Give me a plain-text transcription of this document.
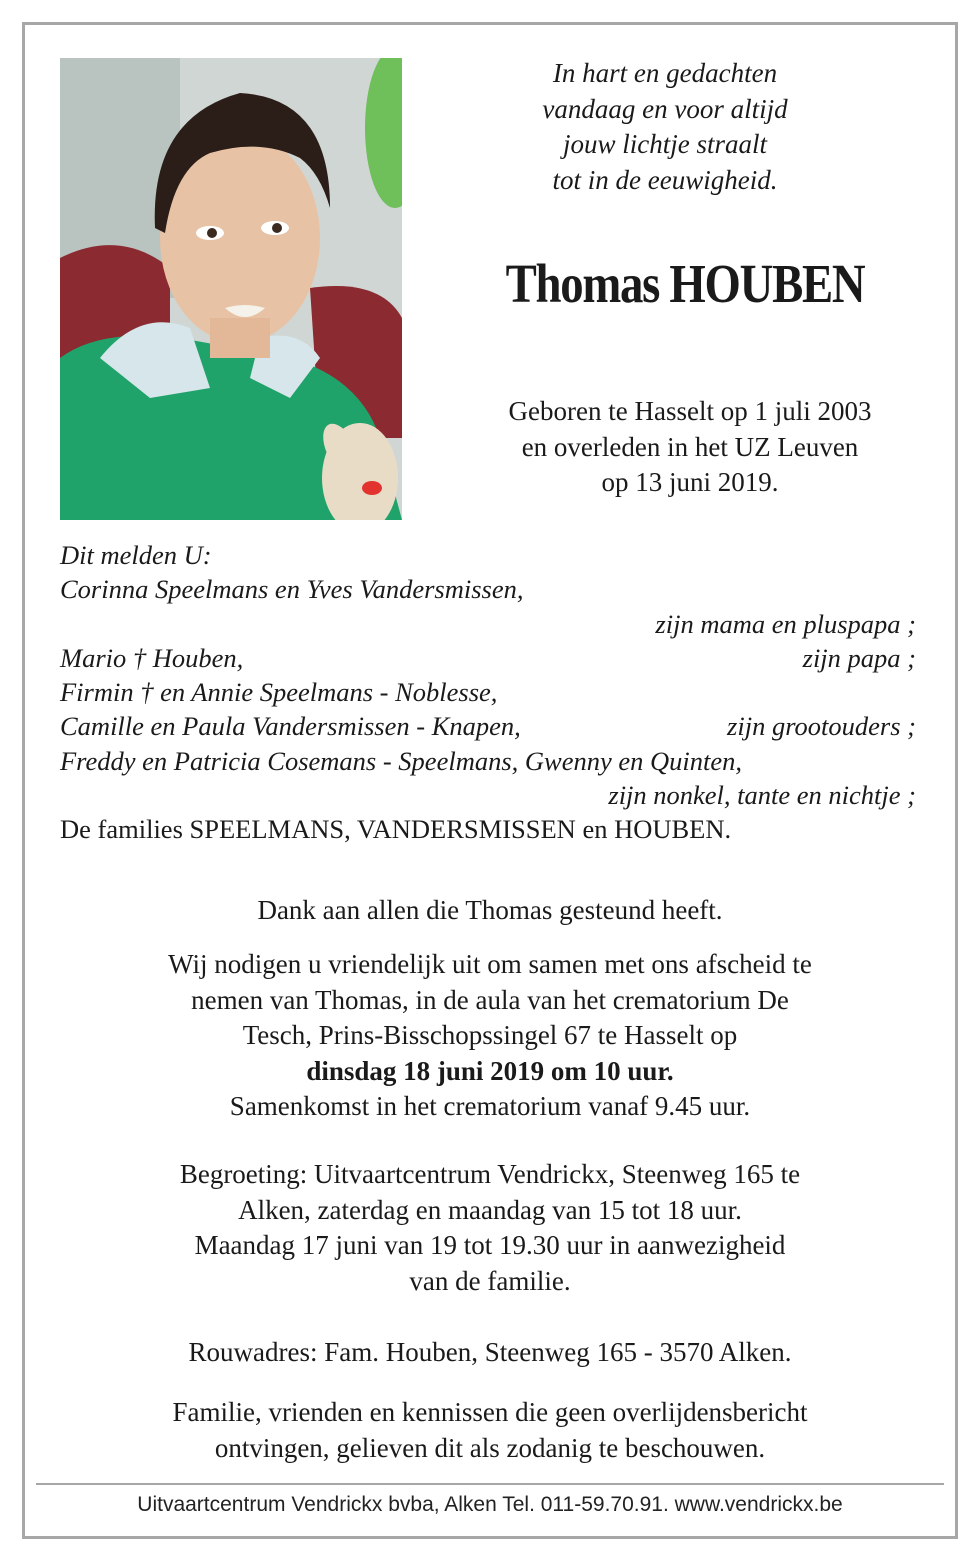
In hart en gedachten
vandaag en voor altijd
jouw lichtje straalt
tot in de eeuwigheid.
Thomas HOUBEN
Geboren te Hasselt op 1 juli 2003
en overleden in het UZ Leuven
op 13 juni 2019.
Dit melden U:
Corinna Speelmans en Yves Vandersmissen,
zijn mama en pluspapa ;
Mario † Houben,	zijn papa ;
Firmin † en Annie Speelmans - Noblesse,
Camille en Paula Vandersmissen - Knapen,	zijn grootouders ;
Freddy en Patricia Cosemans - Speelmans, Gwenny en Quinten,
zijn nonkel, tante en nichtje ;
De families SPEELMANS, VANDERSMISSEN en HOUBEN.
Dank aan allen die Thomas gesteund heeft.
Wij nodigen u vriendelijk uit om samen met ons afscheid te
nemen van Thomas, in de aula van het crematorium De
Tesch, Prins-Bisschopssingel 67 te Hasselt op
dinsdag 18 juni 2019 om 10 uur.
Samenkomst in het crematorium vanaf 9.45 uur.
Begroeting: Uitvaartcentrum Vendrickx, Steenweg 165 te
Alken, zaterdag en maandag van 15 tot 18 uur.
Maandag 17 juni van 19 tot 19.30 uur in aanwezigheid
van de familie.
Rouwadres: Fam. Houben, Steenweg 165 - 3570 Alken.
Familie, vrienden en kennissen die geen overlijdensbericht
ontvingen, gelieven dit als zodanig te beschouwen.
Uitvaartcentrum Vendrickx bvba, Alken Tel. 011-59.70.91. www.vendrickx.be
